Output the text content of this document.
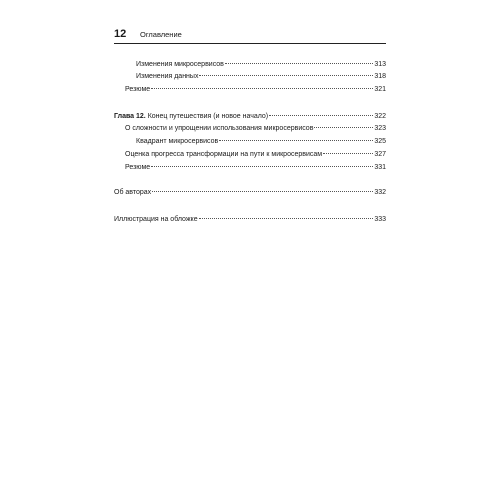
12 Оглавление
Изменения микросервисов	313
Изменения данных	318
Резюме	321
Глава 12. Конец путешествия (и новое начало)	322
О сложности и упрощении использования микросервисов	323
Квадрант микросервисов	325
Оценка прогресса трансформации на пути к микросервисам	327
Резюме	331
Об авторах	332
Иллюстрация на обложке	333
